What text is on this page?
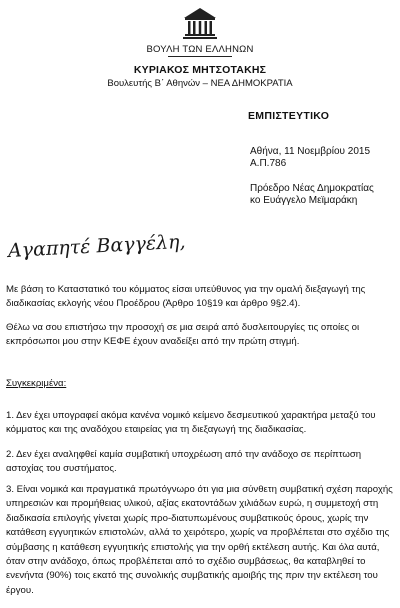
ΒΟΥΛΗ ΤΩΝ ΕΛΛΗΝΩΝ
ΚΥΡΙΑΚΟΣ ΜΗΤΣΟΤΑΚΗΣ
Βουλευτής Β΄ Αθηνών – ΝΕΑ ΔΗΜΟΚΡΑΤΙΑ
ΕΜΠΙΣΤΕΥΤΙΚΟ
Αθήνα, 11 Νοεμβρίου 2015
Α.Π.786
Πρόεδρο Νέας Δημοκρατίας
κο Ευάγγελο Μεϊμαράκη
Αγαπητέ Βαγγέλη,
Με βάση το Καταστατικό του κόμματος είσαι υπεύθυνος για την ομαλή διεξαγωγή της διαδικασίας εκλογής νέου Προέδρου (Άρθρο 10§19 και άρθρο 9§2.4).
Θέλω να σου επιστήσω την προσοχή σε μια σειρά από δυσλειτουργίες τις οποίες οι εκπρόσωποι μου στην ΚΕΦΕ έχουν αναδείξει από την πρώτη στιγμή.
Συγκεκριμένα:
1. Δεν έχει υπογραφεί ακόμα κανένα νομικό κείμενο δεσμευτικού χαρακτήρα μεταξύ του κόμματος και της αναδόχου εταιρείας για τη διεξαγωγή της διαδικασίας.
2. Δεν έχει αναληφθεί καμία συμβατική υποχρέωση από την ανάδοχο σε περίπτωση αστοχίας του συστήματος.
3. Είναι νομικά και πραγματικά πρωτόγνωρο ότι για μια σύνθετη συμβατική σχέση παροχής υπηρεσιών και προμήθειας υλικού, αξίας εκατοντάδων χιλιάδων ευρώ, η συμμετοχή στη διαδικασία επιλογής γίνεται χωρίς προ-διατυπωμένους συμβατικούς όρους, χωρίς την κατάθεση εγγυητικών επιστολών, αλλά το χειρότερο, χωρίς να προβλέπεται στο σχέδιο της σύμβασης η κατάθεση εγγυητικής επιστολής για την ορθή εκτέλεση αυτής. Και όλα αυτά, όταν στην ανάδοχο, όπως προβλέπεται από το σχέδιο συμβάσεως, θα καταβληθεί το ενενήντα (90%) τοις εκατό της συνολικής συμβατικής αμοιβής της πριν την εκτέλεση του έργου.
